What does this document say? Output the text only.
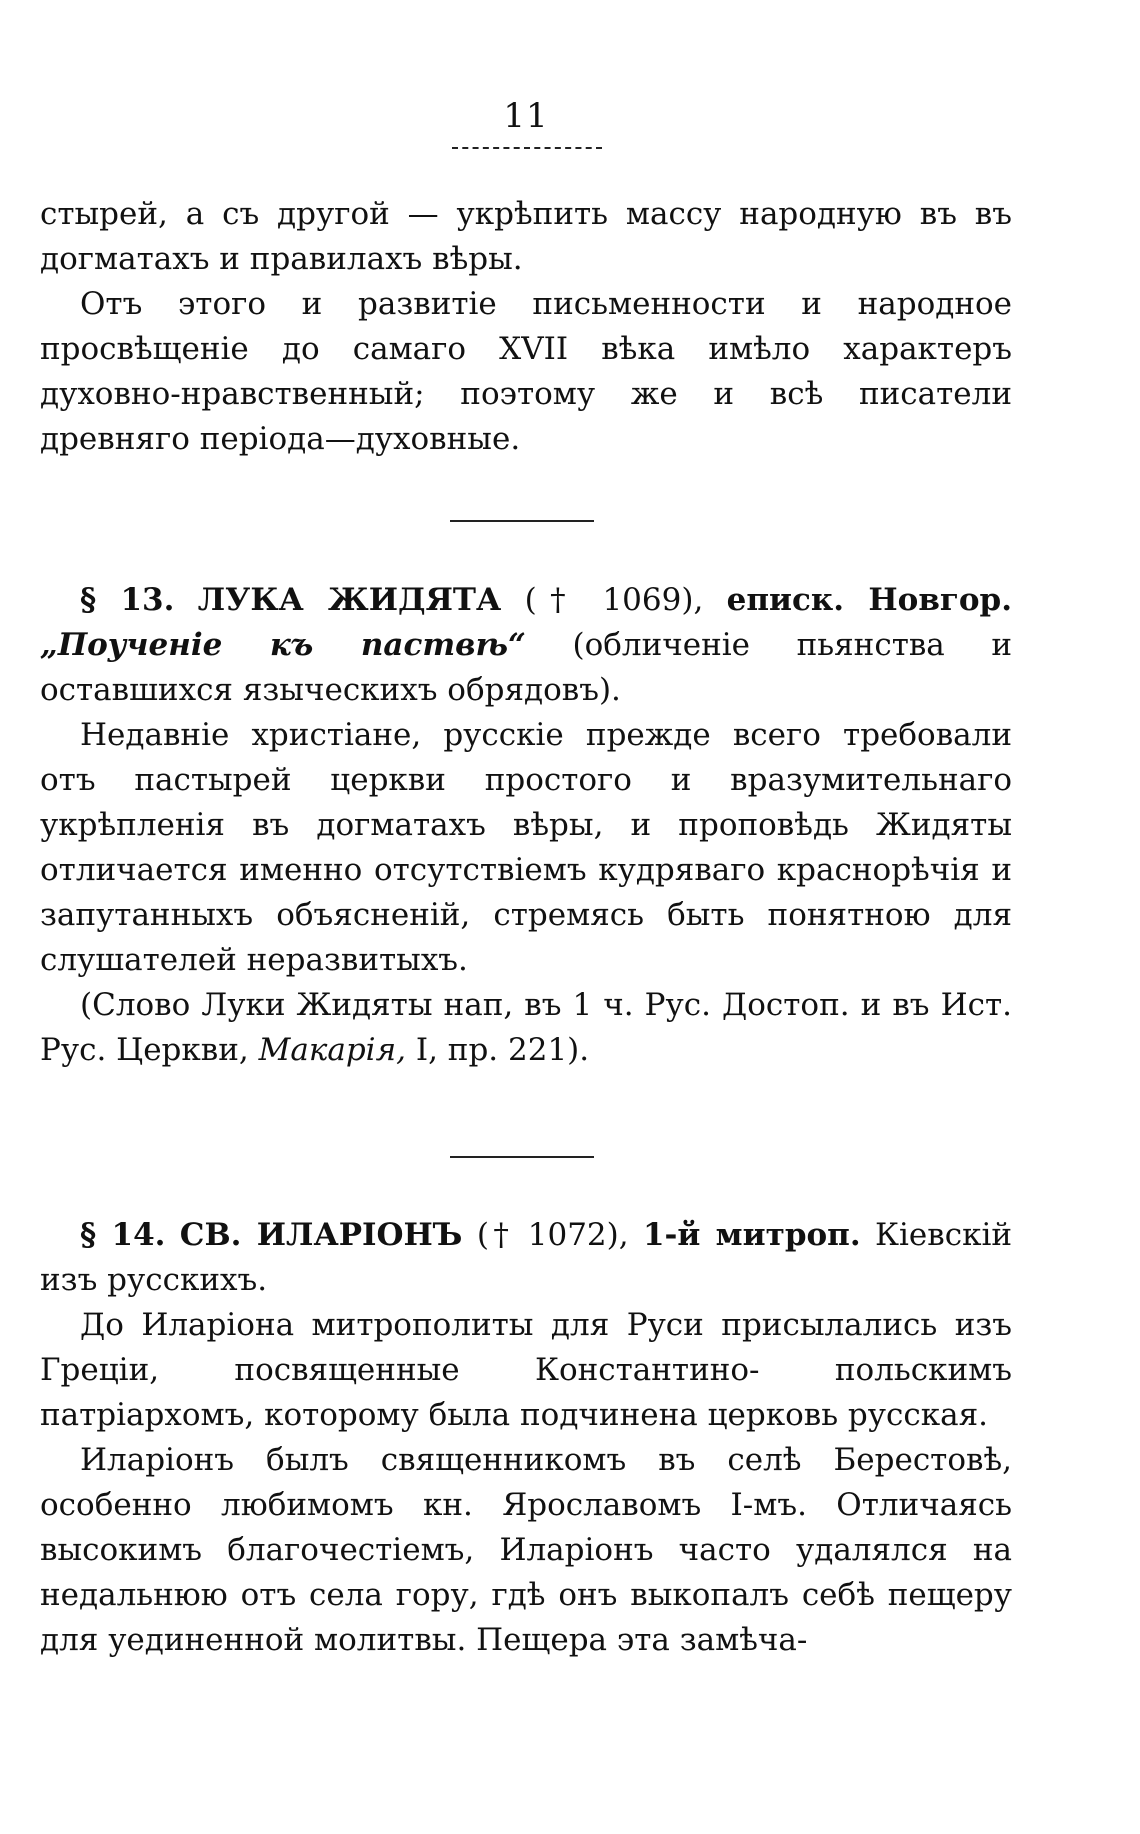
11

стырей, а съ другой — укрѣпить массу народную въ въ догматахъ и правилахъ вѣры.

Отъ этого и развитіе письменности и народное просвѣщеніе до самаго XVII вѣка имѣло характеръ духовно-нравственный; поэтому же и всѣ писатели древняго періода—духовные.

§ 13. ЛУКА ЖИДЯТА († 1069), еписк. Новгор. „Поученіе къ паствѣ“ (обличеніе пьянства и оставшихся языческихъ обрядовъ).

Недавніе христіане, русскіе прежде всего требовали отъ пастырей церкви простого и вразумительнаго укрѣпленія въ догматахъ вѣры, и проповѣдь Жидяты отличается именно отсутствіемъ кудряваго краснорѣчія и запутанныхъ объясненій, стремясь быть понятною для слушателей неразвитыхъ.

(Слово Луки Жидяты нап, въ 1 ч. Рус. Достоп. и въ Ист. Рус. Церкви, Макарія, I, пр. 221).

§ 14. СВ. ИЛАРІОНЪ († 1072), 1-й митроп. Кіевскій изъ русскихъ.

До Иларіона митрополиты для Руси присылались изъ Греціи, посвященные Константино- польскимъ патріархомъ, которому была подчинена церковь русская.

Иларіонъ былъ священникомъ въ селѣ Берестовѣ, особенно любимомъ кн. Ярославомъ I-мъ. Отличаясь высокимъ благочестіемъ, Иларіонъ часто удалялся на недальнюю отъ села гору, гдѣ онъ выкопалъ себѣ пещеру для уединенной молитвы. Пещера эта замѣча-
